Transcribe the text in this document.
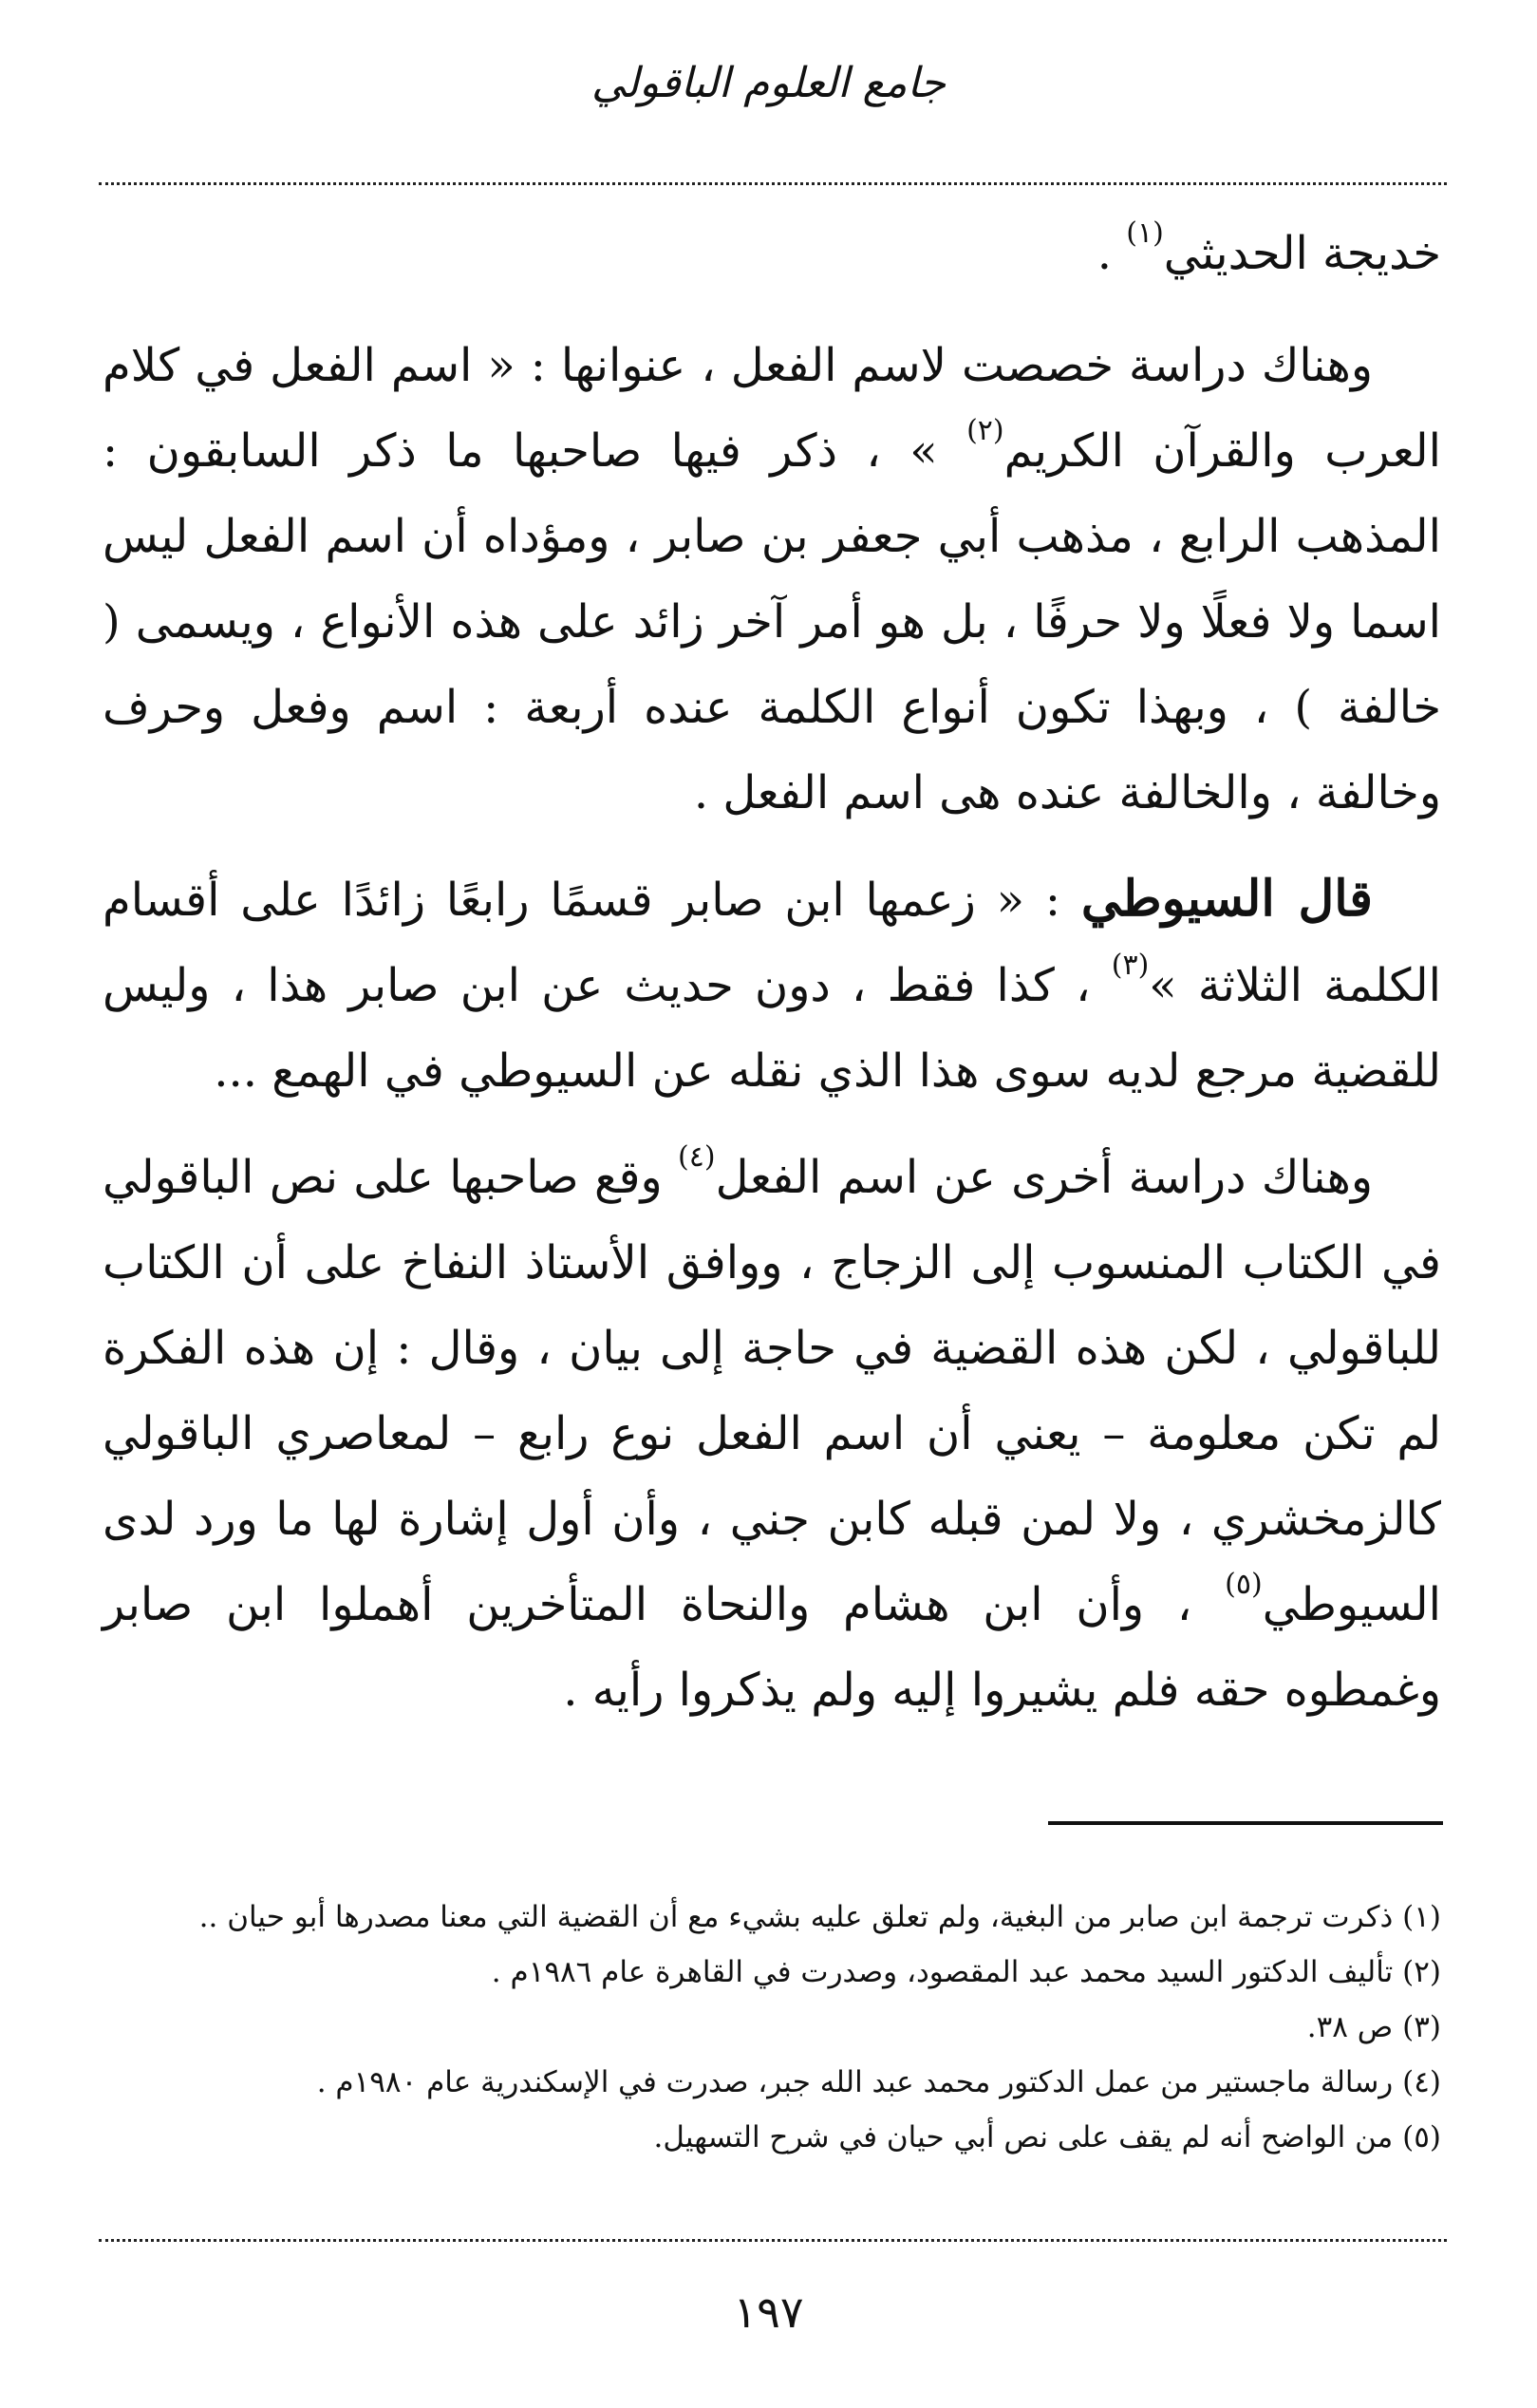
جامع العلوم الباقولي

خديجة الحديثي$^{(١)}$ .

وهناك دراسة خصصت لاسم الفعل ، عنوانها : « اسم الفعل في كلام العرب والقرآن الكريم$^{(٢)}$ » ، ذكر فيها صاحبها ما ذكر السابقون : المذهب الرابع ، مذهب أبي جعفر بن صابر ، ومؤداه أن اسم الفعل ليس اسما ولا فعلًا ولا حرفًا ، بل هو أمر آخر زائد على هذه الأنواع ، ويسمى ( خالفة ) ، وبهذا تكون أنواع الكلمة عنده أربعة : اسم وفعل وحرف وخالفة ، والخالفة عنده هى اسم الفعل .

قال السيوطي : « زعمها ابن صابر قسمًا رابعًا زائدًا على أقسام الكلمة الثلاثة »$^{(٣)}$ ، كذا فقط ، دون حديث عن ابن صابر هذا ، وليس للقضية مرجع لديه سوى هذا الذي نقله عن السيوطي في الهمع ...

وهناك دراسة أخرى عن اسم الفعل$^{(٤)}$ وقع صاحبها على نص الباقولي في الكتاب المنسوب إلى الزجاج ، ووافق الأستاذ النفاخ على أن الكتاب للباقولي ، لكن هذه القضية في حاجة إلى بيان ، وقال : إن هذه الفكرة لم تكن معلومة – يعني أن اسم الفعل نوع رابع – لمعاصري الباقولي كالزمخشري ، ولا لمن قبله كابن جني ، وأن أول إشارة لها ما ورد لدى السيوطي$^{(٥)}$ ، وأن ابن هشام والنحاة المتأخرين أهملوا ابن صابر وغمطوه حقه فلم يشيروا إليه ولم يذكروا رأيه .

(١) ذكرت ترجمة ابن صابر من البغية، ولم تعلق عليه بشيء مع أن القضية التي معنا مصدرها أبو حيان ..

(٢) تأليف الدكتور السيد محمد عبد المقصود، وصدرت في القاهرة عام ١٩٨٦م .

(٣) ص ٣٨.

(٤) رسالة ماجستير من عمل الدكتور محمد عبد الله جبر، صدرت في الإسكندرية عام ١٩٨٠م .

(٥) من الواضح أنه لم يقف على نص أبي حيان في شرح التسهيل.

١٩٧
